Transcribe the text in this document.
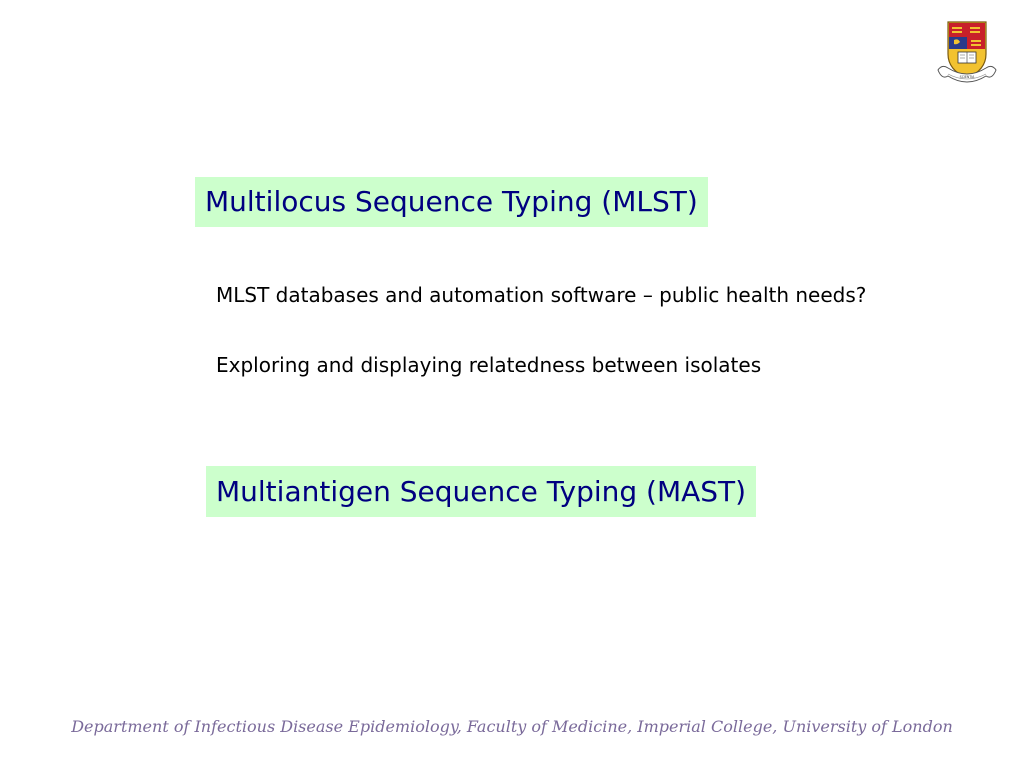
SCIENTIA
Multilocus Sequence Typing (MLST)
MLST databases and automation software – public health needs?
Exploring and displaying relatedness between isolates
Multiantigen Sequence Typing (MAST)
Department of Infectious Disease Epidemiology, Faculty of Medicine, Imperial College, University of London
